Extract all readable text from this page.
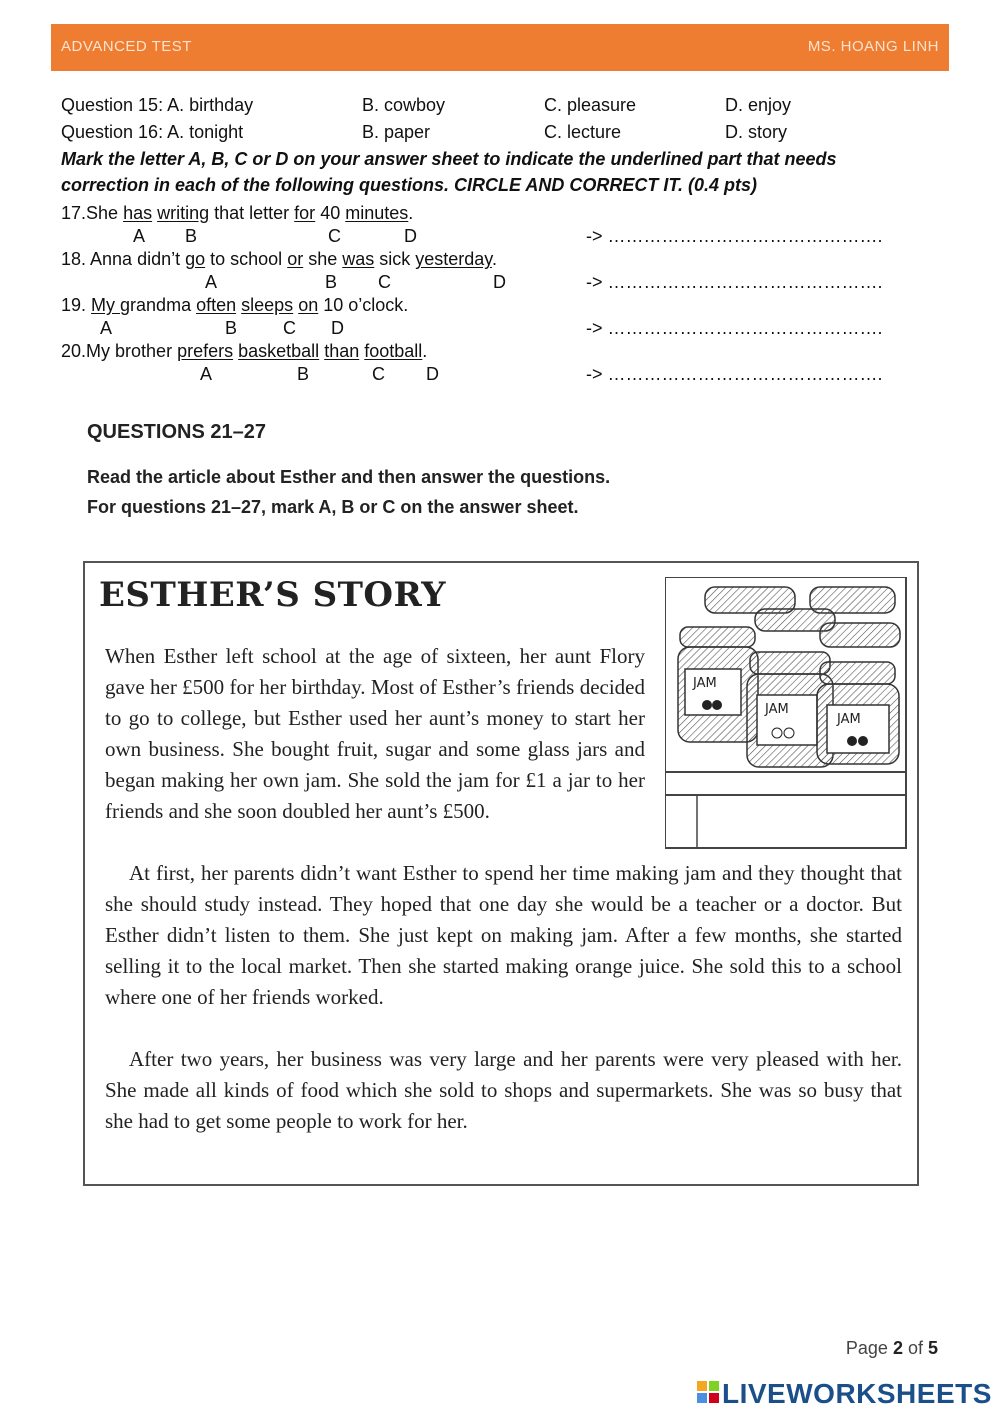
ADVANCED TEST	MS. HOANG LINH
Question 15: A. birthday	B. cowboy	C. pleasure	D. enjoy
Question 16: A. tonight	B. paper	C. lecture	D. story
Mark the letter A, B, C or D on your answer sheet to indicate the underlined part that needs
correction in each of the following questions. CIRCLE AND CORRECT IT. (0.4 pts)
17.She has writing that letter for 40 minutes.
A B	C	D	-> ……………………………………….
18. Anna didn’t go to school or she was sick yesterday.
A	B C	D	-> ……………………………………….
19. My grandma often sleeps on 10 o’clock.
A	B	C D	-> ……………………………………….
20.My brother prefers basketball than football.
A	B	C D	-> ……………………………………….
QUESTIONS 21–27
Read the article about Esther and then answer the questions.
For questions 21–27, mark A, B or C on the answer sheet.
ESTHER’S STORY
JAM
JAM
JAM
When Esther left school at the age of sixteen, her aunt Flory gave her £500 for her birthday. Most of Esther’s friends decided to go to college, but Esther used her aunt’s money to start her own business. She bought fruit, sugar and some glass jars and began making her own jam. She sold the jam for £1 a jar to her friends and she soon doubled her aunt’s £500.
At first, her parents didn’t want Esther to spend her time making jam and they thought that she should study instead. They hoped that one day she would be a teacher or a doctor. But Esther didn’t listen to them. She just kept on making jam. After a few months, she started selling it to the local market. Then she started making orange juice. She sold this to a school where one of her friends worked.
After two years, her business was very large and her parents were very pleased with her. She made all kinds of food which she sold to shops and supermarkets. She was so busy that she had to get some people to work for her.
Page 2 of 5
LIVEWORKSHEETS
